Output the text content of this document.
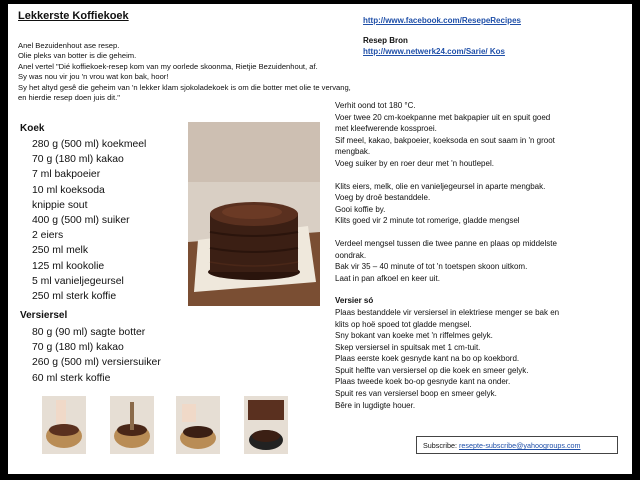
Lekkerste Koffiekoek	http://www.facebook.com/ResepeRecipes
Resep Bron
http://www.netwerk24.com/Sarie/ Kos
Anel Bezuidenhout ase resep.
Olie pleks van botter is die geheim.
Anel vertel "Dié koffiekoek-resep kom van my oorlede skoonma, Rietjie Bezuidenhout, af.
Sy was nou vir jou 'n vrou wat kon bak, hoor!
Sy het altyd gesê die geheim van 'n lekker klam sjokoladekoek is om die botter met olie te vervang,
en hierdie resep doen juis dit."
Koek
280 g (500 ml) koekmeel
70 g (180 ml) kakao
7 ml bakpoeier
10 ml koeksoda
knippie sout
400 g (500 ml) suiker
2 eiers
250 ml melk
125 ml kookolie
5 ml vanieljegeursel
250 ml sterk koffie
Versiersel
80 g (90 ml) sagte botter
70 g (180 ml) kakao
260 g (500 ml) versiersuiker
60 ml sterk koffie
Verhit oond tot 180 °C.
Voer twee 20 cm-koekpanne met bakpapier uit en spuit goed
met kleefwerende kossproei.
Sif meel, kakao, bakpoeier, koeksoda en sout saam in 'n groot
mengbak.
Voeg suiker by en roer deur met 'n houtlepel.
Klits eiers, melk, olie en vanieljegeursel in aparte mengbak.
Voeg by droë bestanddele.
Gooi koffie by.
Klits goed vir 2 minute tot romerige, gladde mengsel
Verdeel mengsel tussen die twee panne en plaas op middelste
oondrak.
Bak vir 35 – 40 minute of tot 'n toetspen skoon uitkom.
Laat in pan afkoel en keer uit.
Versier só
Plaas bestanddele vir versiersel in elektriese menger se bak en
klits op hoë spoed tot gladde mengsel.
Sny bokant van koeke met 'n riffelmes gelyk.
Skep versiersel in spuitsak met 1 cm-tuit.
Plaas eerste koek gesnyde kant na bo op koekbord.
Spuit helfte van versiersel op die koek en smeer gelyk.
Plaas tweede koek bo-op gesnyde kant na onder.
Spuit res van versiersel boop en smeer gelyk.
Bêre in lugdigte houer.
Subscribe: resepte-subscribe@yahoogroups.com
